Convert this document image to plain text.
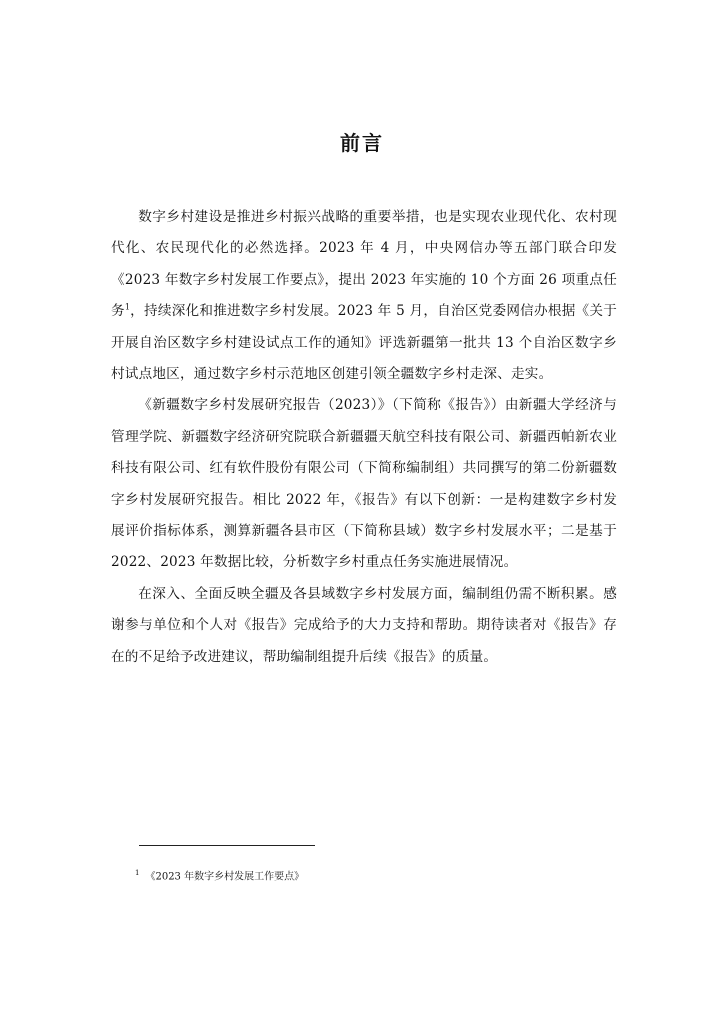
前言

数字乡村建设是推进乡村振兴战略的重要举措，也是实现农业现代化、农村现代化、农民现代化的必然选择。2023 年 4 月，中央网信办等五部门联合印发《2023 年数字乡村发展工作要点》，提出 2023 年实施的 10 个方面 26 项重点任务$^1$，持续深化和推进数字乡村发展。2023 年 5 月，自治区党委网信办根据《关于开展自治区数字乡村建设试点工作的通知》评选新疆第一批共 13 个自治区数字乡村试点地区，通过数字乡村示范地区创建引领全疆数字乡村走深、走实。

《新疆数字乡村发展研究报告（2023）》（下简称《报告》）由新疆大学经济与管理学院、新疆数字经济研究院联合新疆疆天航空科技有限公司、新疆西帕新农业科技有限公司、红有软件股份有限公司（下简称编制组）共同撰写的第二份新疆数字乡村发展研究报告。相比 2022 年，《报告》有以下创新：一是构建数字乡村发展评价指标体系，测算新疆各县市区（下简称县域）数字乡村发展水平；二是基于 2022、2023 年数据比较，分析数字乡村重点任务实施进展情况。

在深入、全面反映全疆及各县域数字乡村发展方面，编制组仍需不断积累。感谢参与单位和个人对《报告》完成给予的大力支持和帮助。期待读者对《报告》存在的不足给予改进建议，帮助编制组提升后续《报告》的质量。

$^1$ 《2023 年数字乡村发展工作要点》
